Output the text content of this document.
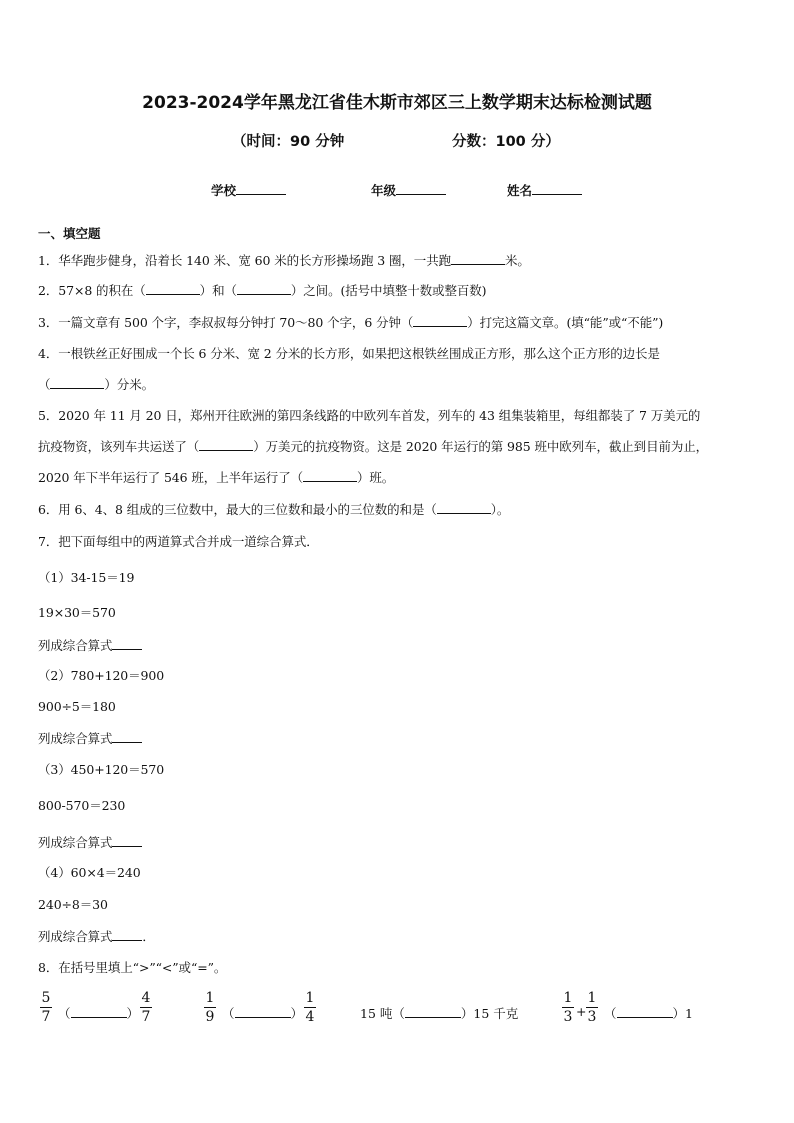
2023-2024学年黑龙江省佳木斯市郊区三上数学期末达标检测试题
（时间：90 分钟	分数：100 分）
学校	年级	姓名
一、填空题
1．华华跑步健身，沿着长 140 米、宽 60 米的长方形操场跑 3 圈，一共跑	米。
2．57×8 的积在（	）和（	）之间。(括号中填整十数或整百数)
3．一篇文章有 500 个字，李叔叔每分钟打 70～80 个字，6 分钟（	）打完这篇文章。(填“能”或“不能”)
4．一根铁丝正好围成一个长 6 分米、宽 2 分米的长方形，如果把这根铁丝围成正方形，那么这个正方形的边长是
（	）分米。
5．2020 年 11 月 20 日，郑州开往欧洲的第四条线路的中欧列车首发，列车的 43 组集装箱里，每组都装了 7 万美元的
抗疫物资，该列车共运送了（	）万美元的抗疫物资。这是 2020 年运行的第 985 班中欧列车，截止到目前为止，
2020 年下半年运行了 546 班，上半年运行了（	）班。
6．用 6、4、8 组成的三位数中，最大的三位数和最小的三位数的和是（	）。
7．把下面每组中的两道算式合并成一道综合算式．
（1）34-15＝19
19×30＝570
列成综合算式
（2）780+120＝900
900÷5＝180
列成综合算式
（3）450+120＝570
800-570＝230
列成综合算式
（4）60×4＝240
240÷8＝30
列成综合算式 ．
8．在括号里填上“>”“<”或“=”。
5
7 （	）
4
7
1
9 （	）
1
4	15 吨（	）15 千克
1
3 +
1
3 （	）1
